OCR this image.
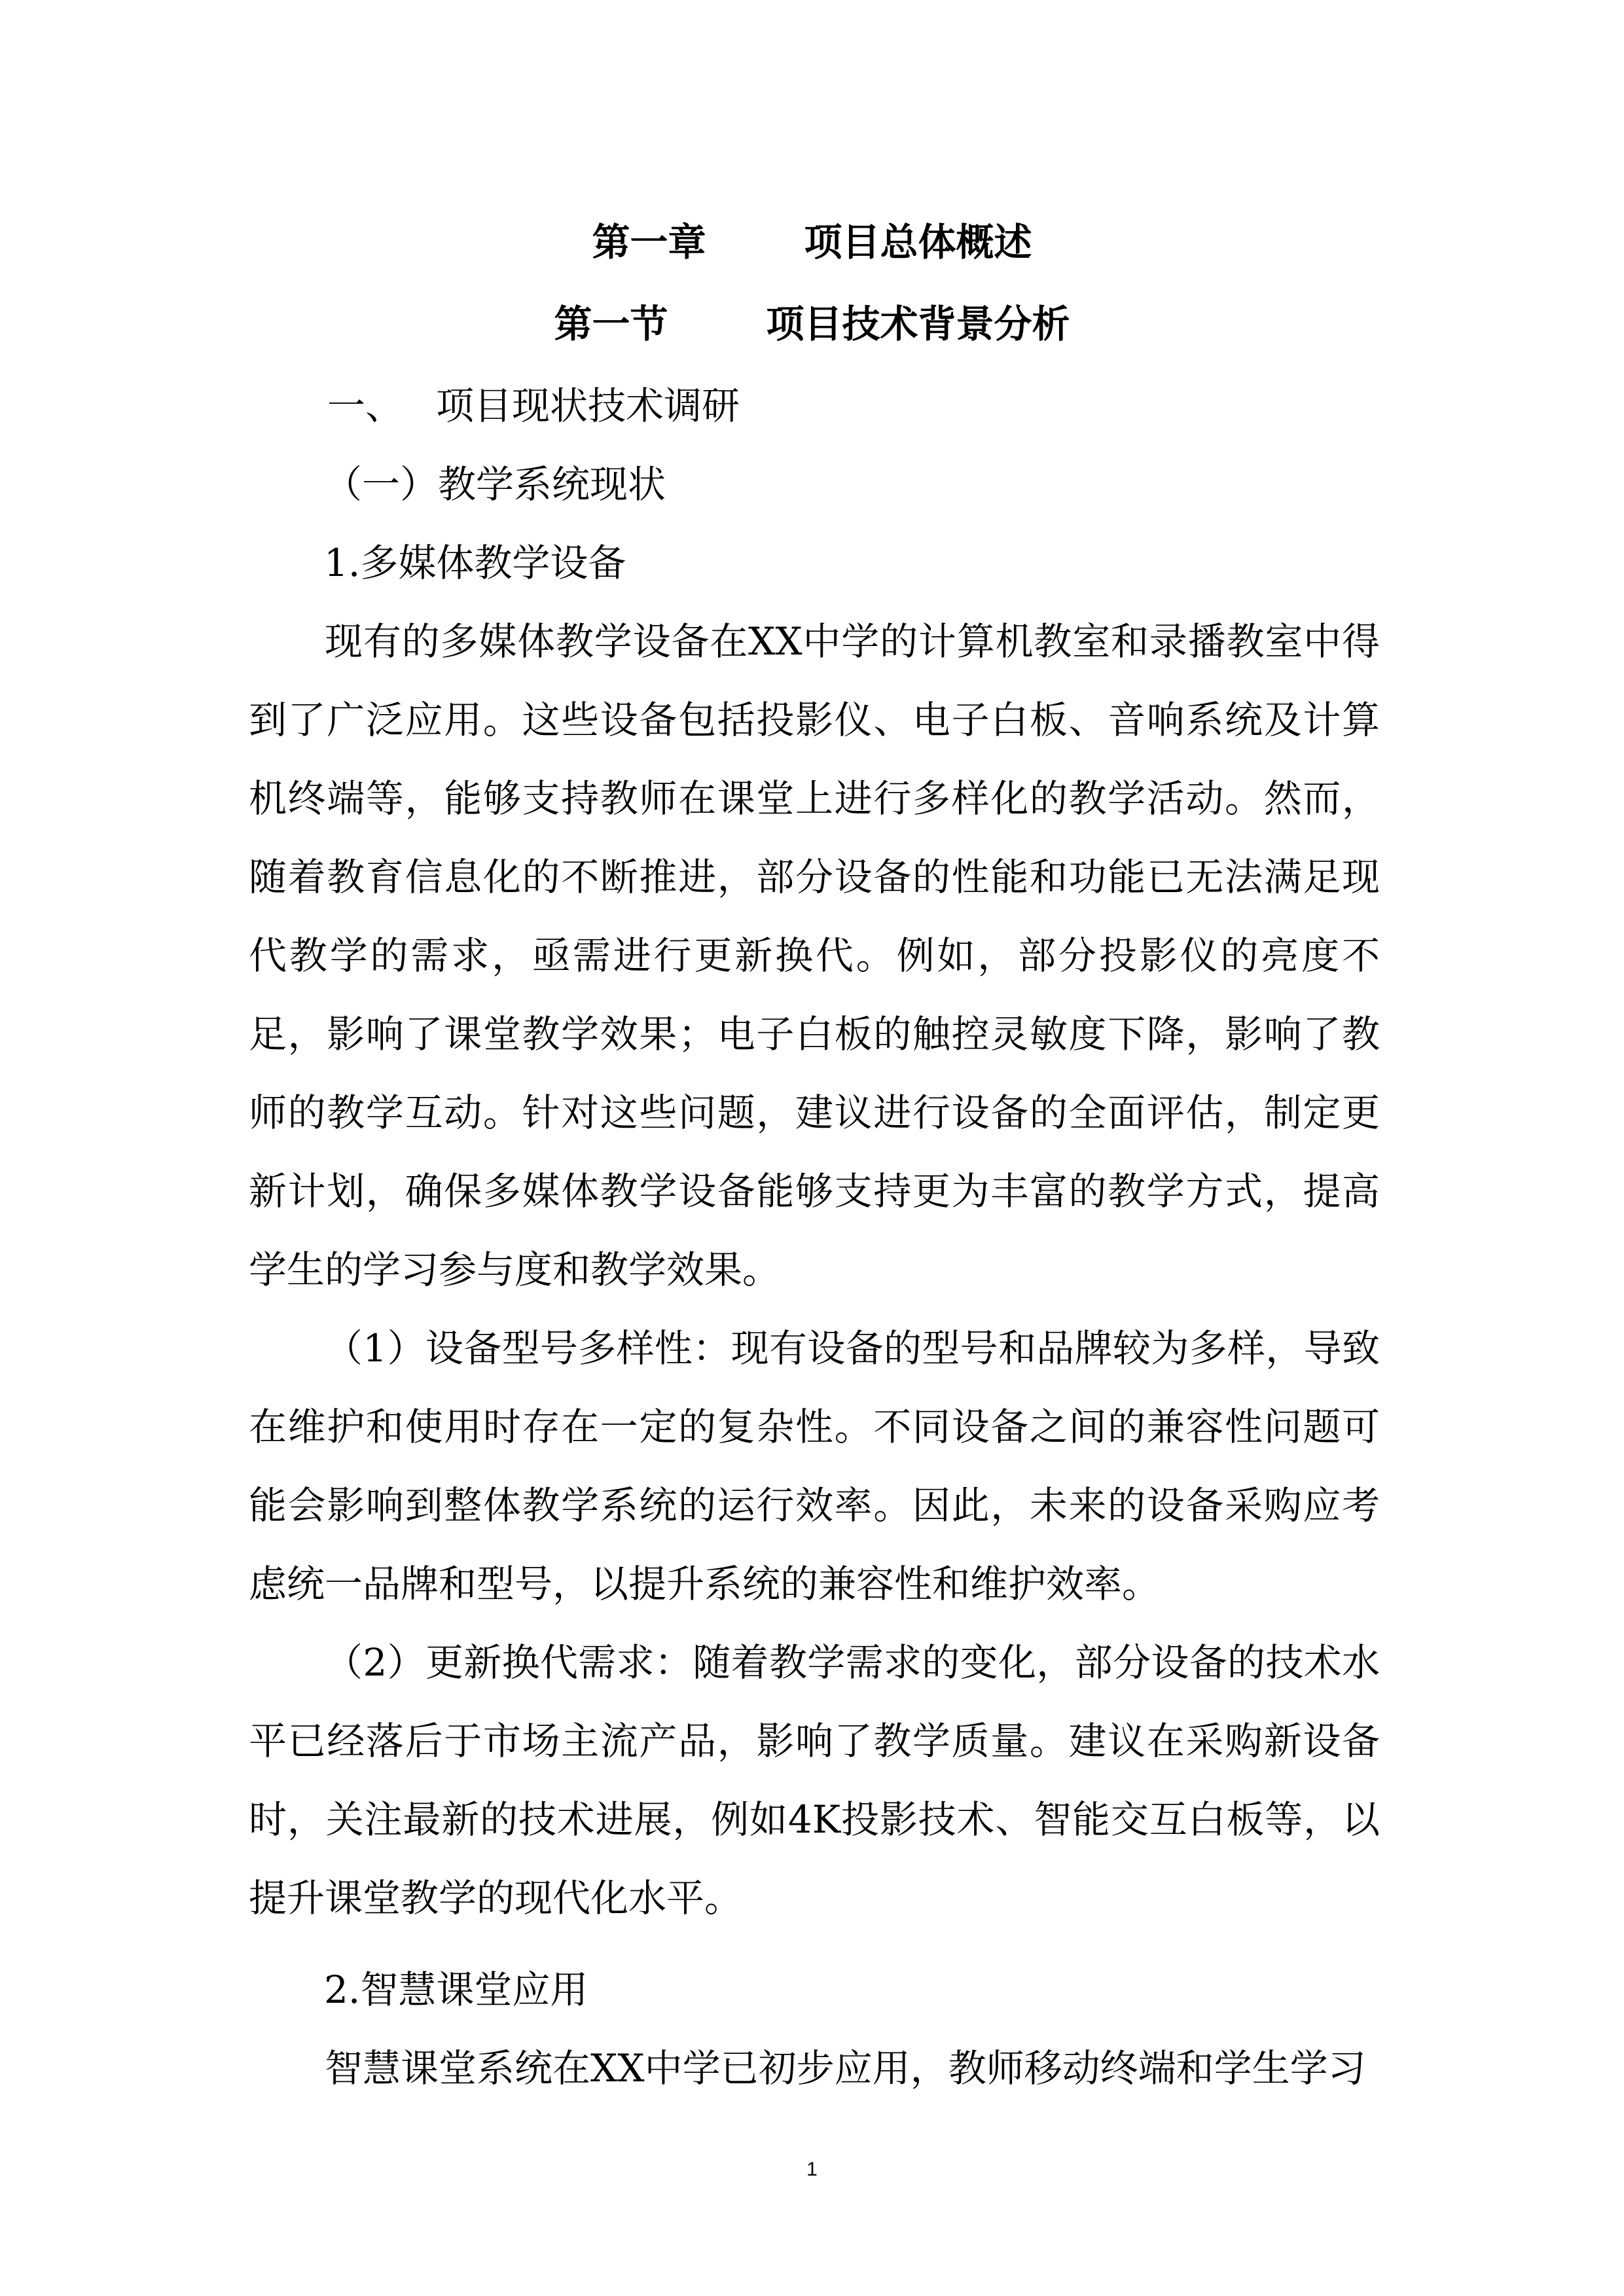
第一章	项目总体概述
第一节	项目技术背景分析
一、 项目现状技术调研
（一）教学系统现状
1.多媒体教学设备
现有的多媒体教学设备在XX中学的计算机教室和录播教室中得到了广泛应用。这些设备包括投影仪、电子白板、音响系统及计算机终端等，能够支持教师在课堂上进行多样化的教学活动。然而，随着教育信息化的不断推进，部分设备的性能和功能已无法满足现代教学的需求，亟需进行更新换代。例如，部分投影仪的亮度不足，影响了课堂教学效果；电子白板的触控灵敏度下降，影响了教师的教学互动。针对这些问题，建议进行设备的全面评估，制定更新计划，确保多媒体教学设备能够支持更为丰富的教学方式，提高学生的学习参与度和教学效果。
（1）设备型号多样性：现有设备的型号和品牌较为多样，导致在维护和使用时存在一定的复杂性。不同设备之间的兼容性问题可能会影响到整体教学系统的运行效率。因此，未来的设备采购应考虑统一品牌和型号，以提升系统的兼容性和维护效率。
（2）更新换代需求：随着教学需求的变化，部分设备的技术水平已经落后于市场主流产品，影响了教学质量。建议在采购新设备时，关注最新的技术进展，例如4K投影技术、智能交互白板等，以提升课堂教学的现代化水平。
2.智慧课堂应用
智慧课堂系统在XX中学已初步应用，教师移动终端和学生学习
1
